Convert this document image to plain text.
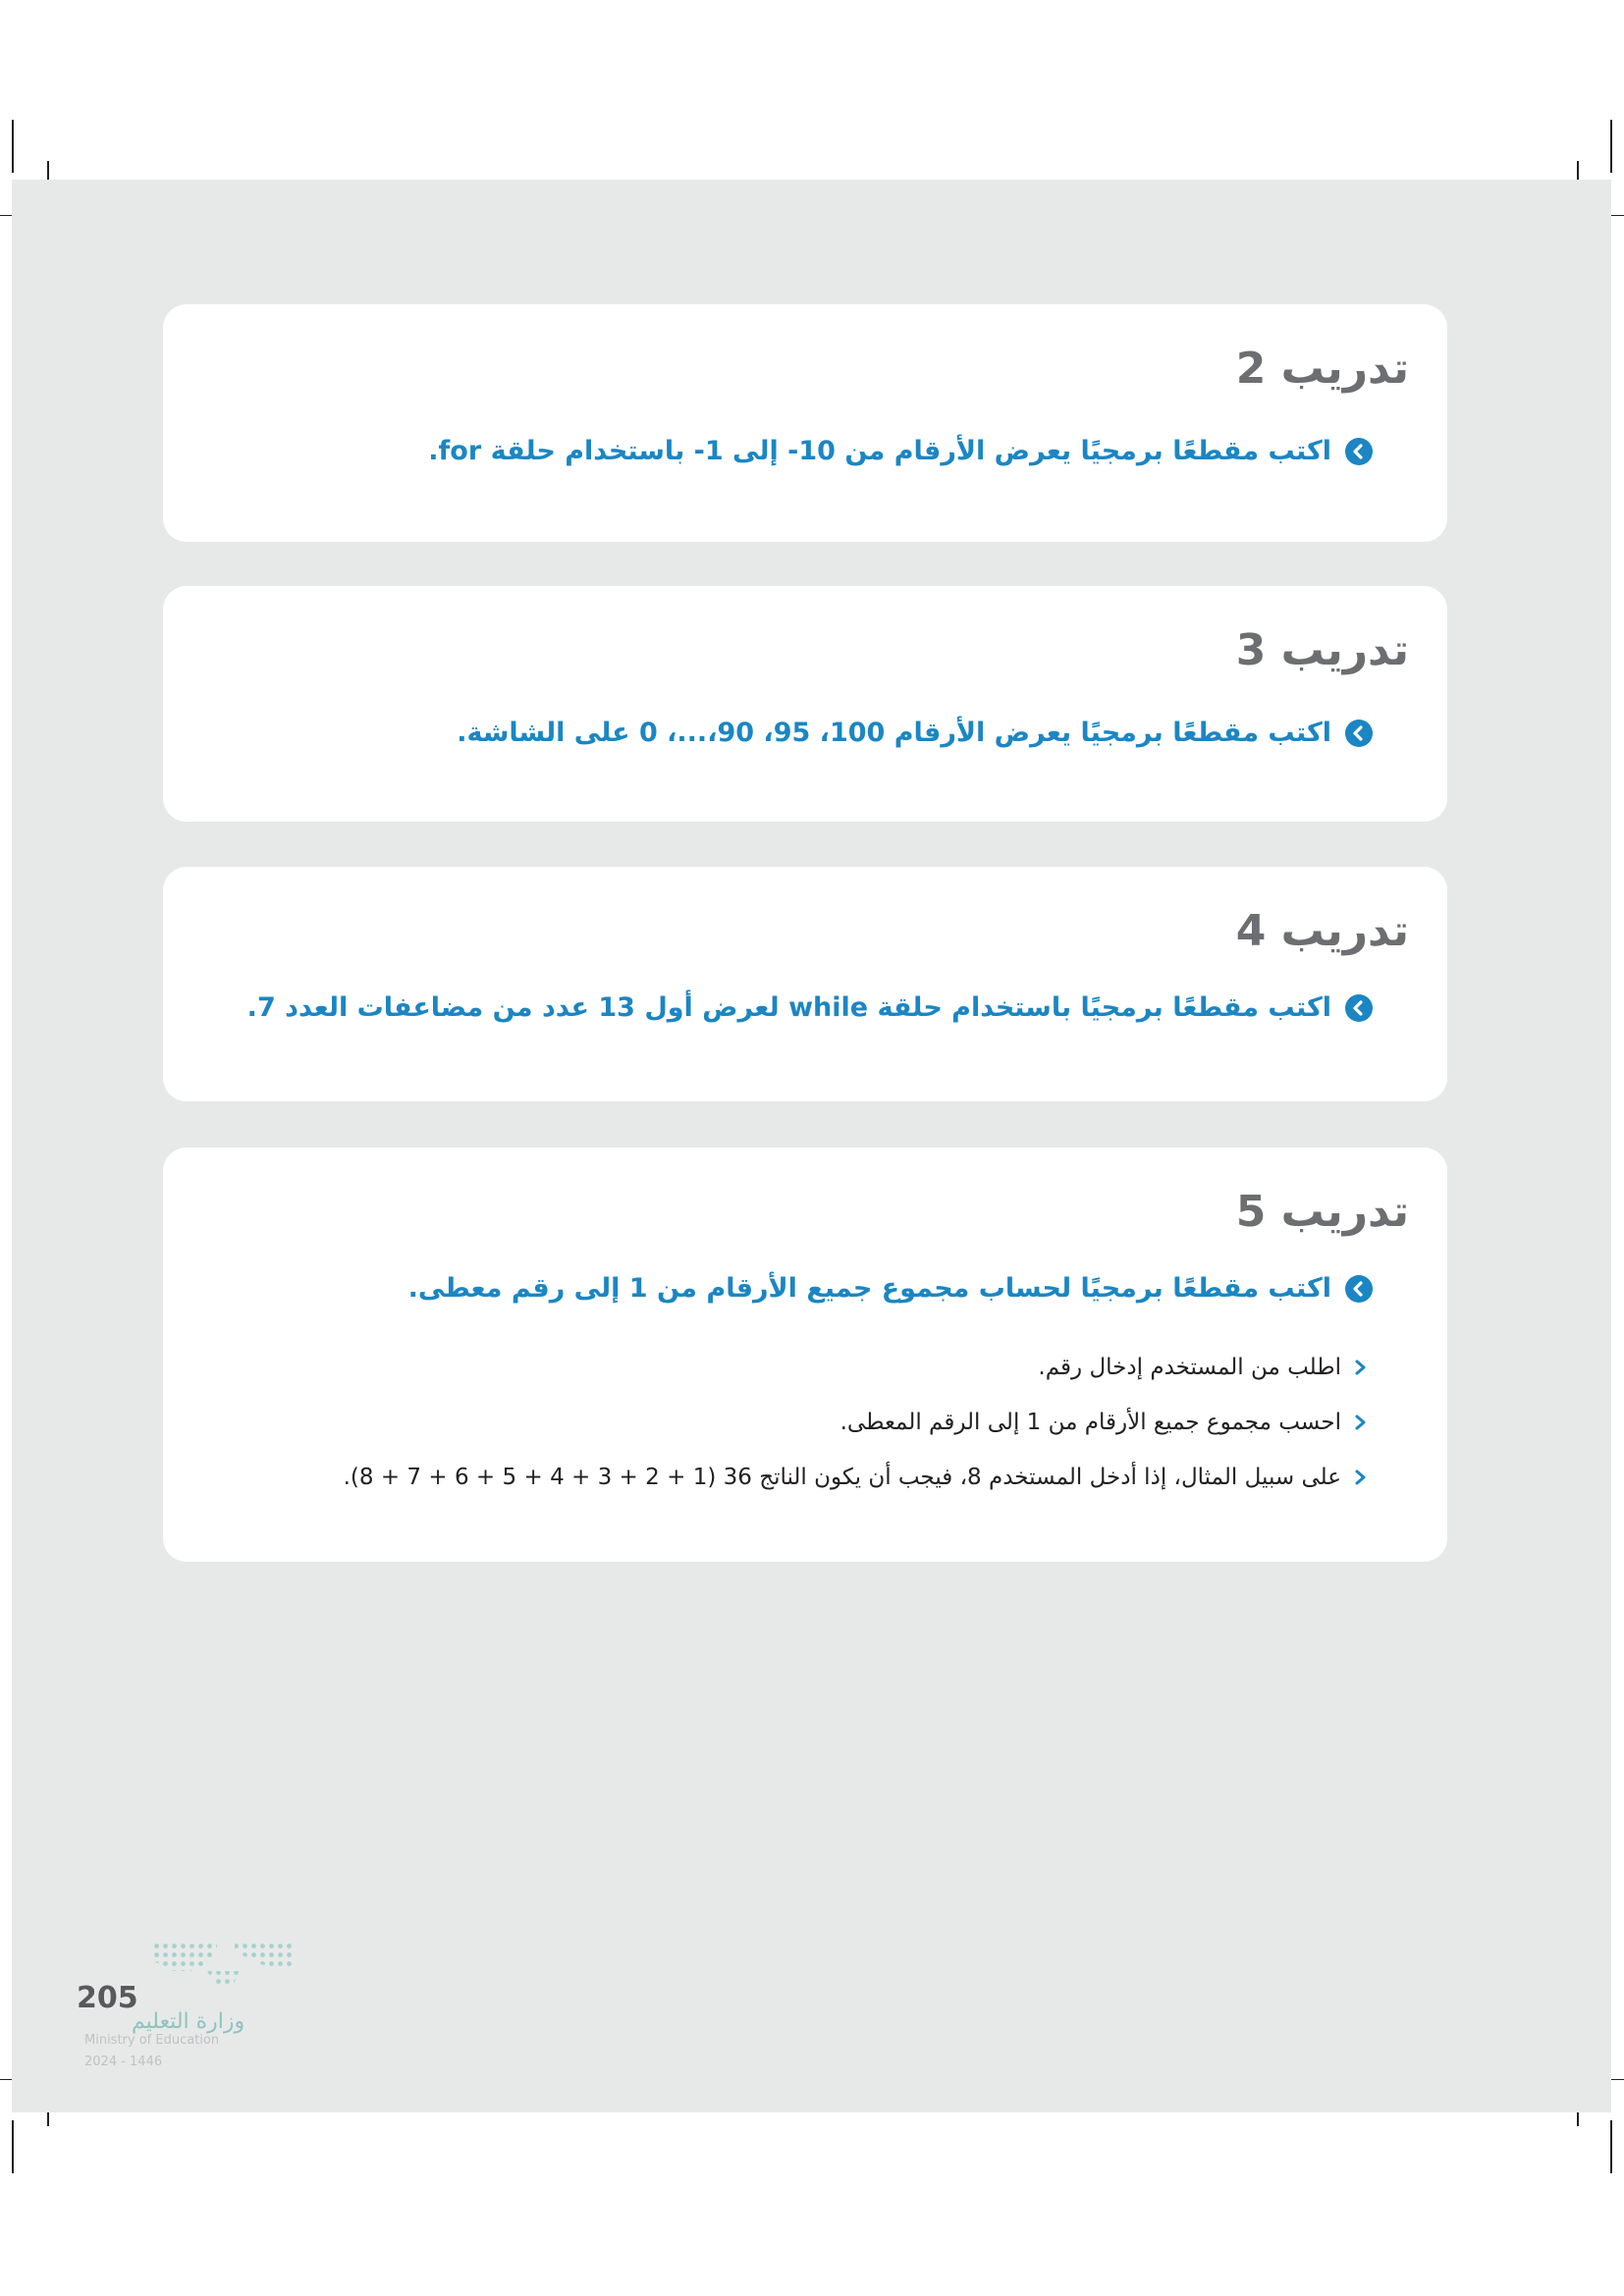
تدريب 2
اكتب مقطعًا برمجيًا يعرض الأرقام من 10- إلى 1- باستخدام حلقة for.
تدريب 3
اكتب مقطعًا برمجيًا يعرض الأرقام 100، 95، 90،...، 0 على الشاشة.
تدريب 4
اكتب مقطعًا برمجيًا باستخدام حلقة while لعرض أول 13 عدد من مضاعفات العدد 7.
تدريب 5
اكتب مقطعًا برمجيًا لحساب مجموع جميع الأرقام من 1 إلى رقم معطى.
اطلب من المستخدم إدخال رقم.
احسب مجموع جميع الأرقام من 1 إلى الرقم المعطى.
على سبيل المثال، إذا أدخل المستخدم 8، فيجب أن يكون الناتج 36 (1 + 2 + 3 + 4 + 5 + 6 + 7 + 8).
205
وزارة التعليم
Ministry of Education
2024 - 1446
